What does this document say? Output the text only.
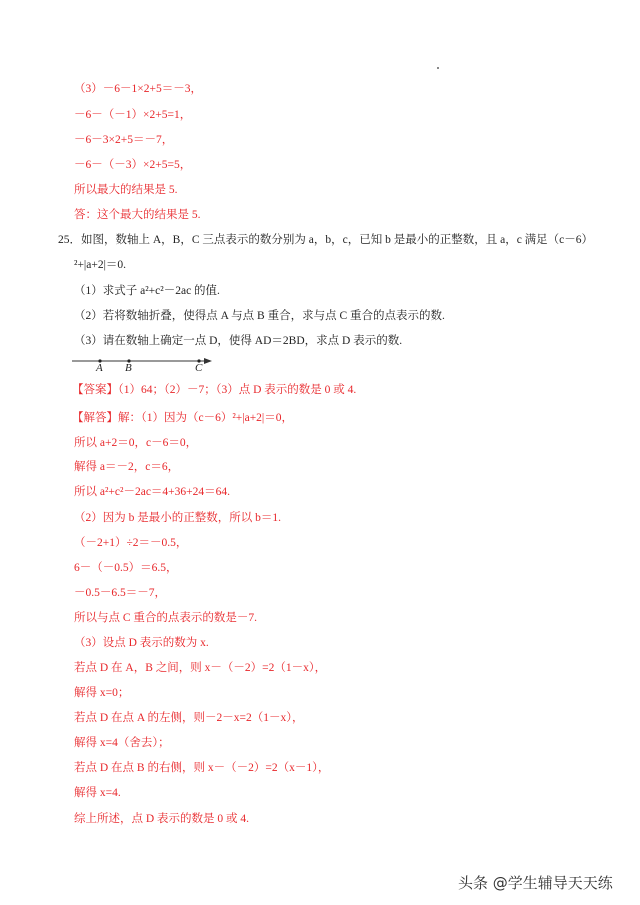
（3）－6－1×2+5＝－3，
－6－（－1）×2+5=1，
－6－3×2+5＝－7，
－6－（－3）×2+5=5，
所以最大的结果是 5.
答：这个最大的结果是 5.
25．如图，数轴上 A，B，C 三点表示的数分别为 a，b，c，已知 b 是最小的正整数，且 a，c 满足（c－6）
²+|a+2|＝0.
（1）求式子 a²+c²－2ac 的值.
（2）若将数轴折叠，使得点 A 与点 B 重合，求与点 C 重合的点表示的数.
（3）请在数轴上确定一点 D，使得 AD＝2BD，求点 D 表示的数.
A B	C
【答案】（1）64；（2）－7；（3）点 D 表示的数是 0 或 4.
【解答】解：（1）因为（c－6）²+|a+2|＝0，
所以 a+2＝0，c－6＝0，
解得 a＝－2，c＝6，
所以 a²+c²－2ac＝4+36+24＝64.
（2）因为 b 是最小的正整数，所以 b＝1.
（－2+1）÷2＝－0.5，
6－（－0.5）＝6.5，
－0.5－6.5＝－7，
所以与点 C 重合的点表示的数是－7.
（3）设点 D 表示的数为 x.
若点 D 在 A，B 之间，则 x－（－2）=2（1－x），
解得 x=0；
若点 D 在点 A 的左侧，则－2－x=2（1－x），
解得 x=4（舍去）；
若点 D 在点 B 的右侧，则 x－（－2）=2（x－1），
解得 x=4.
综上所述，点 D 表示的数是 0 或 4.
头条 @学生辅导天天练
